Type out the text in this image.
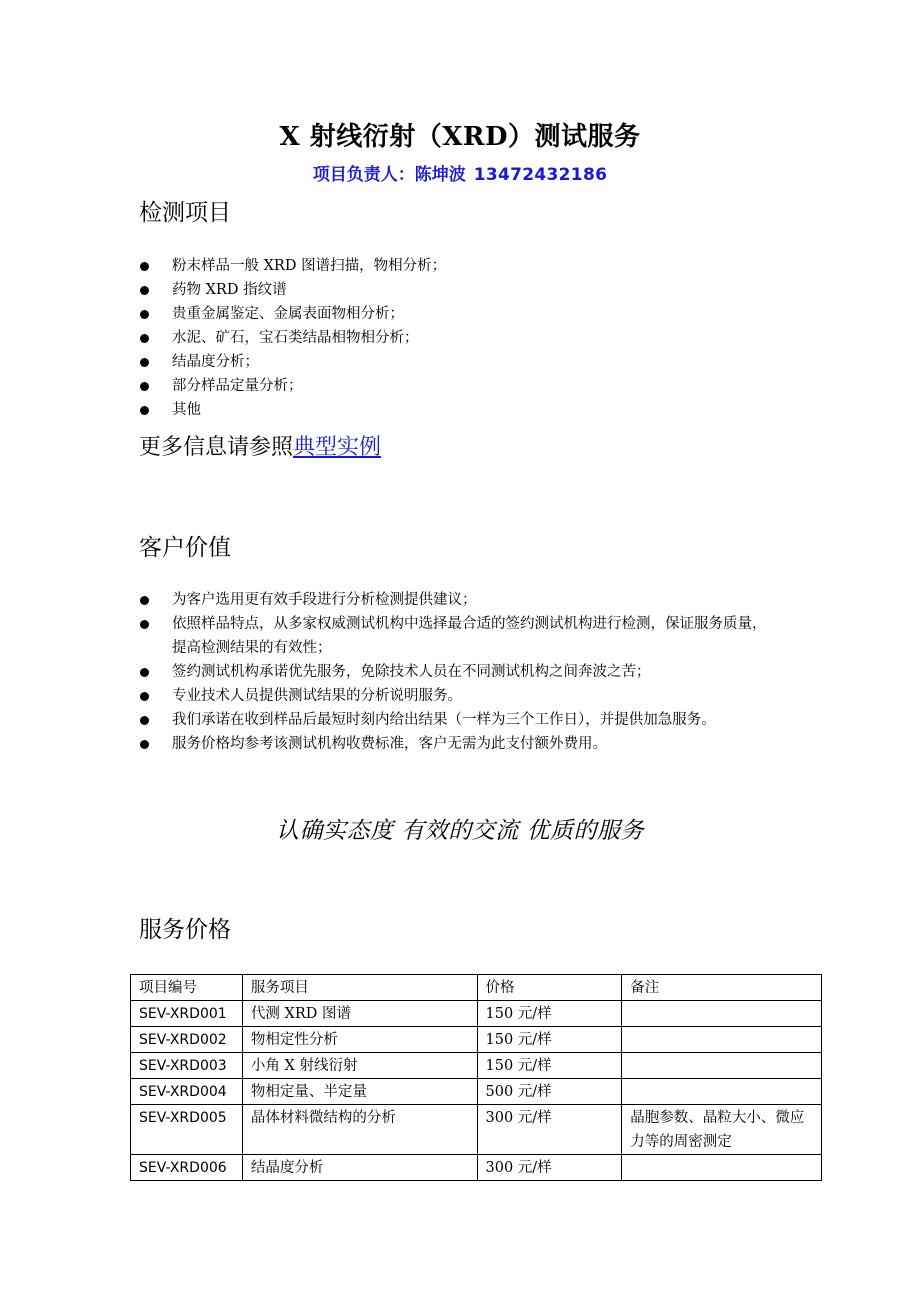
X 射线衍射（XRD）测试服务
项目负责人：陈坤波 13472432186
检测项目
粉末样品一般 XRD 图谱扫描，物相分析；
药物 XRD 指纹谱
贵重金属鉴定、金属表面物相分析；
水泥、矿石，宝石类结晶相物相分析；
结晶度分析；
部分样品定量分析；
其他
更多信息请参照典型实例
客户价值
为客户选用更有效手段进行分析检测提供建议；
依照样品特点，从多家权威测试机构中选择最合适的签约测试机构进行检测，保证服务质量，提高检测结果的有效性；
签约测试机构承诺优先服务，免除技术人员在不同测试机构之间奔波之苦；
专业技术人员提供测试结果的分析说明服务。
我们承诺在收到样品后最短时刻内给出结果（一样为三个工作日），并提供加急服务。
服务价格均参考该测试机构收费标准，客户无需为此支付额外费用。
认确实态度 有效的交流 优质的服务
服务价格
项目编号	服务项目	价格	备注
SEV-XRD001	代测 XRD 图谱	150 元/样	
SEV-XRD002	物相定性分析	150 元/样	
SEV-XRD003	小角 X 射线衍射	150 元/样	
SEV-XRD004	物相定量、半定量	500 元/样	
SEV-XRD005	晶体材料微结构的分析	300 元/样	晶胞参数、晶粒大小、微应力等的周密测定
SEV-XRD006	结晶度分析	300 元/样	
